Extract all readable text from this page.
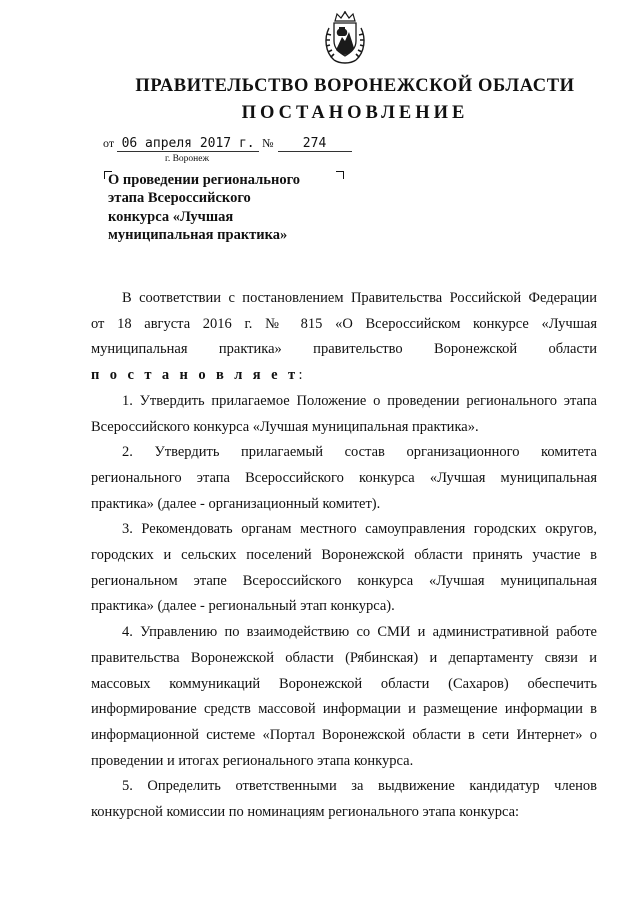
ПРАВИТЕЛЬСТВО ВОРОНЕЖСКОЙ ОБЛАСТИ
ПОСТАНОВЛЕНИЕ
от 06 апреля 2017 г. № 274
г. Воронеж
О проведении регионального
этапа Всероссийского
конкурса «Лучшая
муниципальная практика»
В соответствии с постановлением Правительства Российской Федерации
от 18 августа 2016 г. № 815 «О Всероссийском конкурсе «Лучшая
муниципальная практика» правительство Воронежской области
п о с т а н о в л я е т:
1. Утвердить прилагаемое Положение о проведении регионального этапа
Всероссийского конкурса «Лучшая муниципальная практика».
2. Утвердить прилагаемый состав организационного комитета
регионального этапа Всероссийского конкурса «Лучшая муниципальная
практика» (далее - организационный комитет).
3. Рекомендовать органам местного самоуправления городских округов,
городских и сельских поселений Воронежской области принять участие в
региональном этапе Всероссийского конкурса «Лучшая муниципальная
практика» (далее - региональный этап конкурса).
4. Управлению по взаимодействию со СМИ и административной работе
правительства Воронежской области (Рябинская) и департаменту связи и
массовых коммуникаций Воронежской области (Сахаров) обеспечить
информирование средств массовой информации и размещение информации в
информационной системе «Портал Воронежской области в сети Интернет» о
проведении и итогах регионального этапа конкурса.
5. Определить ответственными за выдвижение кандидатур членов
конкурсной комиссии по номинациям регионального этапа конкурса:
